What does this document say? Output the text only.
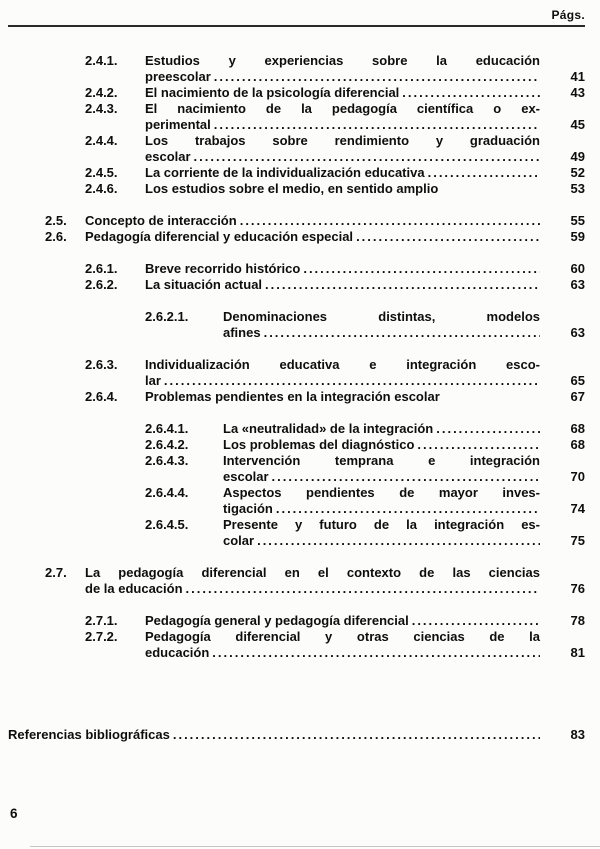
Págs.
2.4.1.	Estudios y experiencias sobre la educación
preescolar .....	41
2.4.2.	El nacimiento de la psicología diferencial .....	43
2.4.3.	El nacimiento de la pedagogía científica o ex-
perimental .....	45
2.4.4.	Los trabajos sobre rendimiento y graduación
escolar .....	49
2.4.5.	La corriente de la individualización educativa .....	52
2.4.6.	Los estudios sobre el medio, en sentido amplio	53
2.5.	Concepto de interacción .....	55
2.6.	Pedagogía diferencial y educación especial .....	59
2.6.1.	Breve recorrido histórico .....	60
2.6.2.	La situación actual .....	63
2.6.2.1.	Denominaciones distintas, modelos
afines .....	63
2.6.3.	Individualización educativa e integración esco-
lar .....	65
2.6.4.	Problemas pendientes en la integración escolar	67
2.6.4.1.	La «neutralidad» de la integración .....	68
2.6.4.2.	Los problemas del diagnóstico .....	68
2.6.4.3.	Intervención temprana e integración
escolar .....	70
2.6.4.4.	Aspectos pendientes de mayor inves-
tigación .....	74
2.6.4.5.	Presente y futuro de la integración es-
colar .....	75
2.7.	La pedagogía diferencial en el contexto de las ciencias
de la educación .....	76
2.7.1.	Pedagogía general y pedagogía diferencial .....	78
2.7.2.	Pedagogía diferencial y otras ciencias de la
educación .....	81
Referencias bibliográficas .....	83
6
